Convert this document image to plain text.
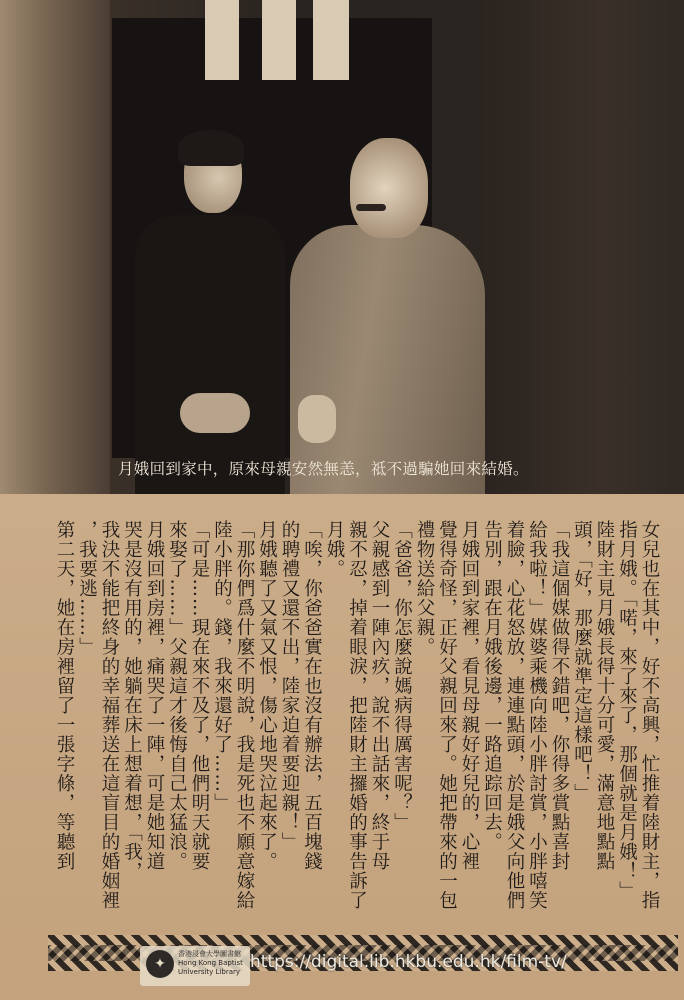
月娥回到家中，原來母親安然無恙，祗不過騙她回來結婚。
女兒也在其中，好不高興，忙推着陸財主，指
指月娥。「喏，來了來了，那個就是月娥！」
陸財主見月娥長得十分可愛，滿意地點點
頭，「好，那麼就準定這樣吧！」
「我這個媒做得不錯吧，你得多賞點喜封
給我啦！」媒婆乘機向陸小胖討賞，小胖嘻笑
着臉，心花怒放，連連點頭，於是娥父向他們
告別，跟在月娥後邊，一路追踪回去。
月娥回到家裡，看見母親好好兒的，心裡
覺得奇怪，正好父親回來了。她把帶來的一包
禮物送給父親。
「爸爸，你怎麼說媽病得厲害呢？」
父親感到一陣內疚，說不出話來，終于母
親不忍，掉着眼淚，把陸財主攞婚的事告訴了
月娥。
「唉，你爸爸實在也沒有辦法，五百塊錢
的聘禮又還不出，陸家迫着要迎親！」
月娥聽了又氣又恨，傷心地哭泣起來了。
「那你們爲什麼不明說，我是死也不願意嫁給
陸小胖的。錢，我來還好了……」
「可是……現在來不及了，他們明天就要
來娶了……」父親這才後悔自己太猛浪。
月娥回到房裡，痛哭了一陣，可是她知道
哭是沒有用的，她躺在床上想着想，「我，
我決不能把終身的幸福葬送在這盲目的婚姻裡
，我要逃……」
第二天，她在房裡留了一張字條，等聽到
✦
香港浸會大學圖書館 Hong Kong Baptist University Library https://digital.lib.hkbu.edu.hk/film-tv/
